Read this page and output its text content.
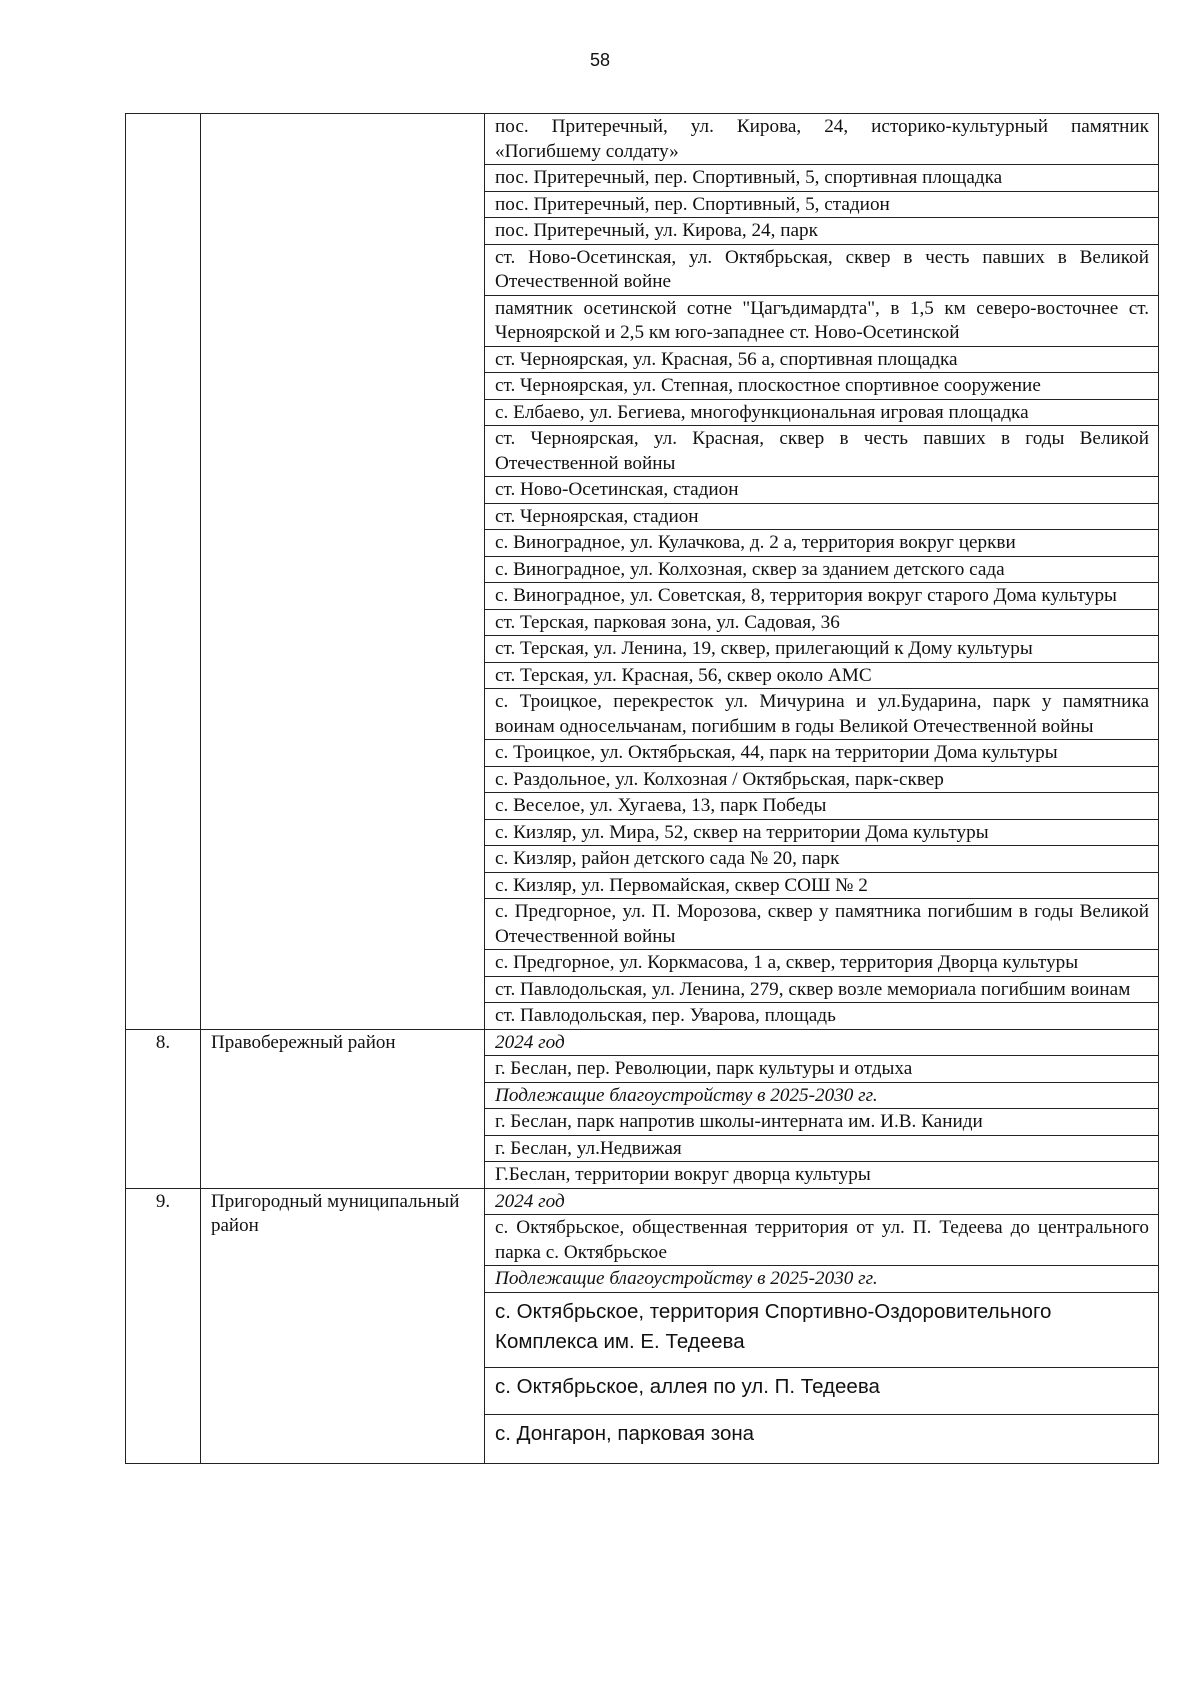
58
		пос. Притеречный, ул. Кирова, 24, историко-культурный памятник «Погибшему солдату»
		пос. Притеречный, пер. Спортивный, 5, спортивная площадка
		пос. Притеречный, пер. Спортивный, 5, стадион
		пос. Притеречный, ул. Кирова, 24, парк
		ст. Ново-Осетинская, ул. Октябрьская, сквер в честь павших в Великой Отечественной войне
		памятник осетинской сотне "Цагъдимардта", в 1,5 км северо-восточнее ст. Черноярской и 2,5 км юго-западнее ст. Ново-Осетинской
		ст. Черноярская, ул. Красная, 56 а, спортивная площадка
		ст. Черноярская, ул. Степная, плоскостное спортивное сооружение
		с. Елбаево, ул. Бегиева, многофункциональная игровая площадка
		ст. Черноярская, ул. Красная, сквер в честь павших в годы Великой Отечественной войны
		ст. Ново-Осетинская, стадион
		ст. Черноярская, стадион
		с. Виноградное, ул. Кулачкова, д. 2 а, территория вокруг церкви
		с. Виноградное, ул. Колхозная, сквер за зданием детского сада
		с. Виноградное, ул. Советская, 8, территория вокруг старого Дома культуры
		ст. Терская, парковая зона, ул. Садовая, 36
		ст. Терская, ул. Ленина, 19, сквер, прилегающий к Дому культуры
		ст. Терская, ул. Красная, 56, сквер около АМС
		с. Троицкое, перекресток ул. Мичурина и ул.Бударина, парк у памятника воинам односельчанам, погибшим в годы Великой Отечественной войны
		с. Троицкое, ул. Октябрьская, 44, парк на территории Дома культуры
		с. Раздольное, ул. Колхозная / Октябрьская, парк-сквер
		с. Веселое, ул. Хугаева, 13, парк Победы
		с. Кизляр, ул. Мира, 52, сквер на территории Дома культуры
		с. Кизляр, район детского сада № 20, парк
		с. Кизляр, ул. Первомайская, сквер СОШ № 2
		с. Предгорное, ул. П. Морозова, сквер у памятника погибшим в годы Великой Отечественной войны
		с. Предгорное, ул. Коркмасова, 1 а, сквер, территория Дворца культуры
		ст. Павлодольская, ул. Ленина, 279, сквер возле мемориала погибшим воинам
		ст. Павлодольская, пер. Уварова, площадь
8.	Правобережный район	2024 год
		г. Беслан, пер. Революции, парк культуры и отдыха
		Подлежащие благоустройству в 2025-2030 гг.
		г. Беслан, парк напротив школы-интерната им. И.В. Каниди
		г. Беслан, ул.Недвижая
		Г.Беслан, территории вокруг дворца культуры
9.	Пригородный муниципальный район	2024 год
		с. Октябрьское, общественная территория от ул. П. Тедеева до центрального парка с. Октябрьское
		Подлежащие благоустройству в 2025-2030 гг.
		с. Октябрьское, территория Спортивно-Оздоровительного Комплекса им. Е. Тедеева
		с. Октябрьское, аллея по ул. П. Тедеева
		с. Донгарон, парковая зона
